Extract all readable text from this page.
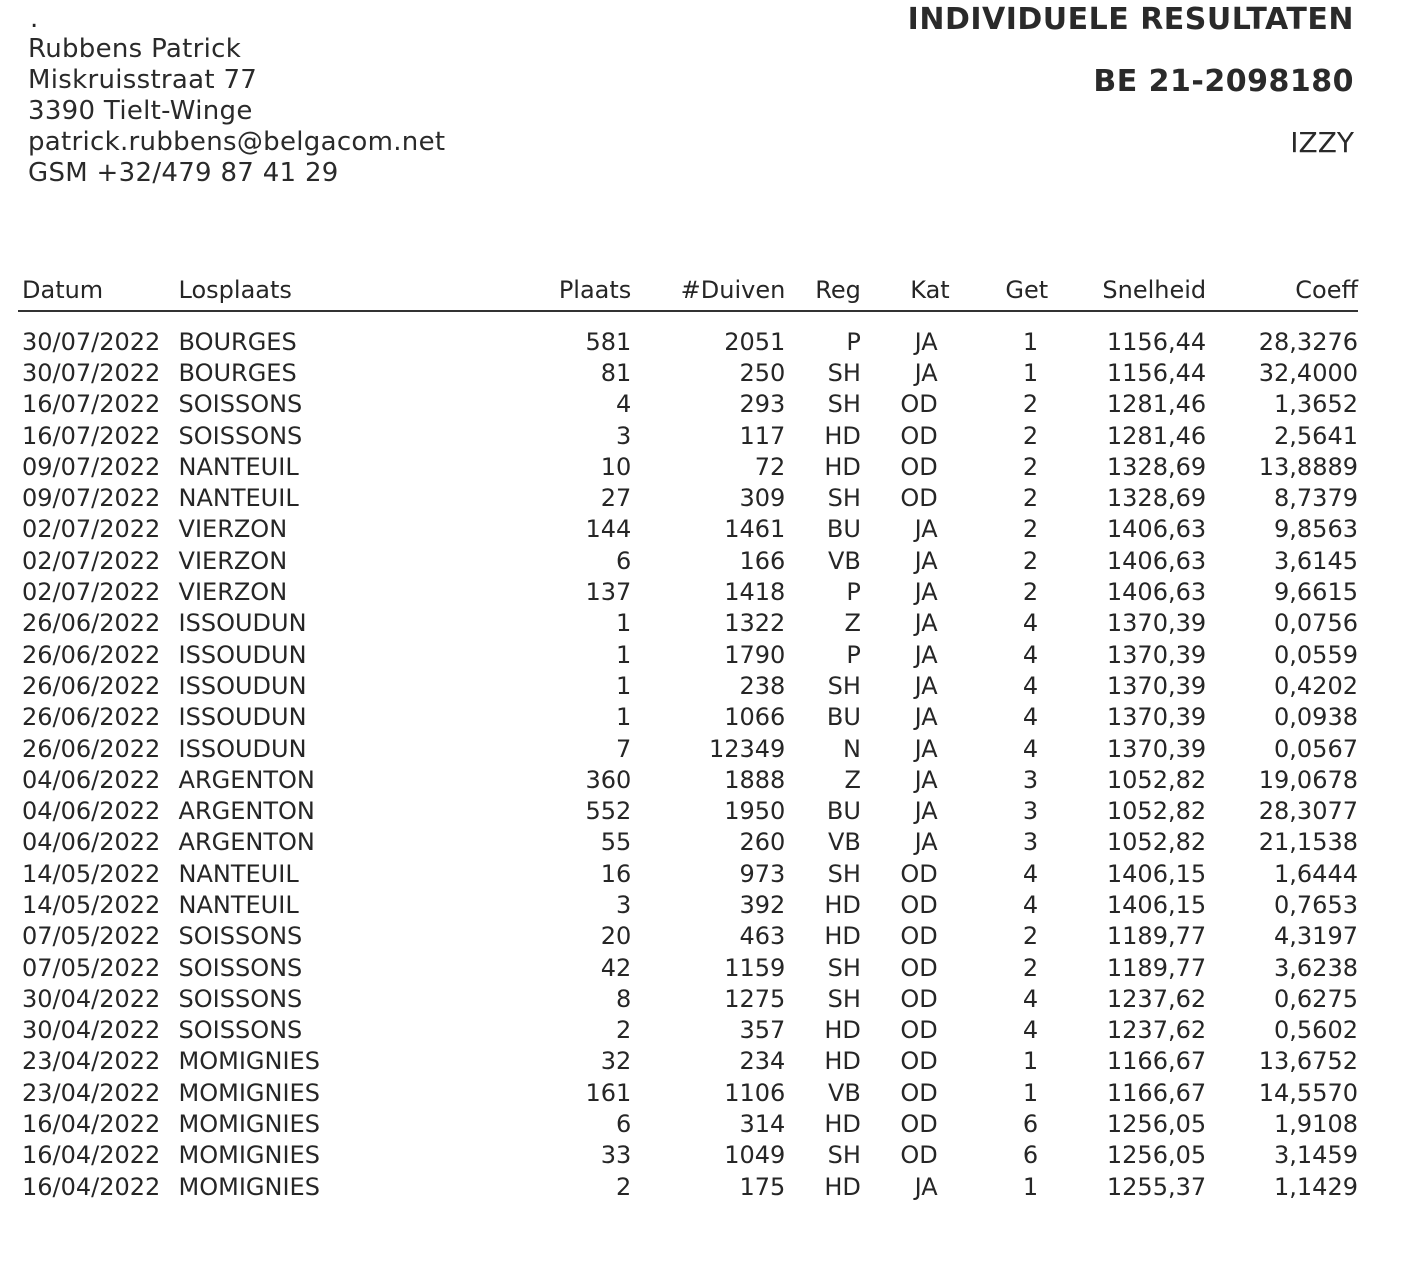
.
Rubbens Patrick
Miskruisstraat 77
3390 Tielt-Winge
patrick.rubbens@belgacom.net
GSM +32/479 87 41 29
INDIVIDUELE RESULTATEN
BE 21-2098180
IZZY
Datum	Losplaats	Plaats	#Duiven	Reg	Kat	Get	Snelheid	Coeff
30/07/2022	BOURGES	581	2051	P	JA	1	1156,44	28,3276
30/07/2022	BOURGES	81	250	SH	JA	1	1156,44	32,4000
16/07/2022	SOISSONS	4	293	SH	OD	2	1281,46	1,3652
16/07/2022	SOISSONS	3	117	HD	OD	2	1281,46	2,5641
09/07/2022	NANTEUIL	10	72	HD	OD	2	1328,69	13,8889
09/07/2022	NANTEUIL	27	309	SH	OD	2	1328,69	8,7379
02/07/2022	VIERZON	144	1461	BU	JA	2	1406,63	9,8563
02/07/2022	VIERZON	6	166	VB	JA	2	1406,63	3,6145
02/07/2022	VIERZON	137	1418	P	JA	2	1406,63	9,6615
26/06/2022	ISSOUDUN	1	1322	Z	JA	4	1370,39	0,0756
26/06/2022	ISSOUDUN	1	1790	P	JA	4	1370,39	0,0559
26/06/2022	ISSOUDUN	1	238	SH	JA	4	1370,39	0,4202
26/06/2022	ISSOUDUN	1	1066	BU	JA	4	1370,39	0,0938
26/06/2022	ISSOUDUN	7	12349	N	JA	4	1370,39	0,0567
04/06/2022	ARGENTON	360	1888	Z	JA	3	1052,82	19,0678
04/06/2022	ARGENTON	552	1950	BU	JA	3	1052,82	28,3077
04/06/2022	ARGENTON	55	260	VB	JA	3	1052,82	21,1538
14/05/2022	NANTEUIL	16	973	SH	OD	4	1406,15	1,6444
14/05/2022	NANTEUIL	3	392	HD	OD	4	1406,15	0,7653
07/05/2022	SOISSONS	20	463	HD	OD	2	1189,77	4,3197
07/05/2022	SOISSONS	42	1159	SH	OD	2	1189,77	3,6238
30/04/2022	SOISSONS	8	1275	SH	OD	4	1237,62	0,6275
30/04/2022	SOISSONS	2	357	HD	OD	4	1237,62	0,5602
23/04/2022	MOMIGNIES	32	234	HD	OD	1	1166,67	13,6752
23/04/2022	MOMIGNIES	161	1106	VB	OD	1	1166,67	14,5570
16/04/2022	MOMIGNIES	6	314	HD	OD	6	1256,05	1,9108
16/04/2022	MOMIGNIES	33	1049	SH	OD	6	1256,05	3,1459
16/04/2022	MOMIGNIES	2	175	HD	JA	1	1255,37	1,1429
